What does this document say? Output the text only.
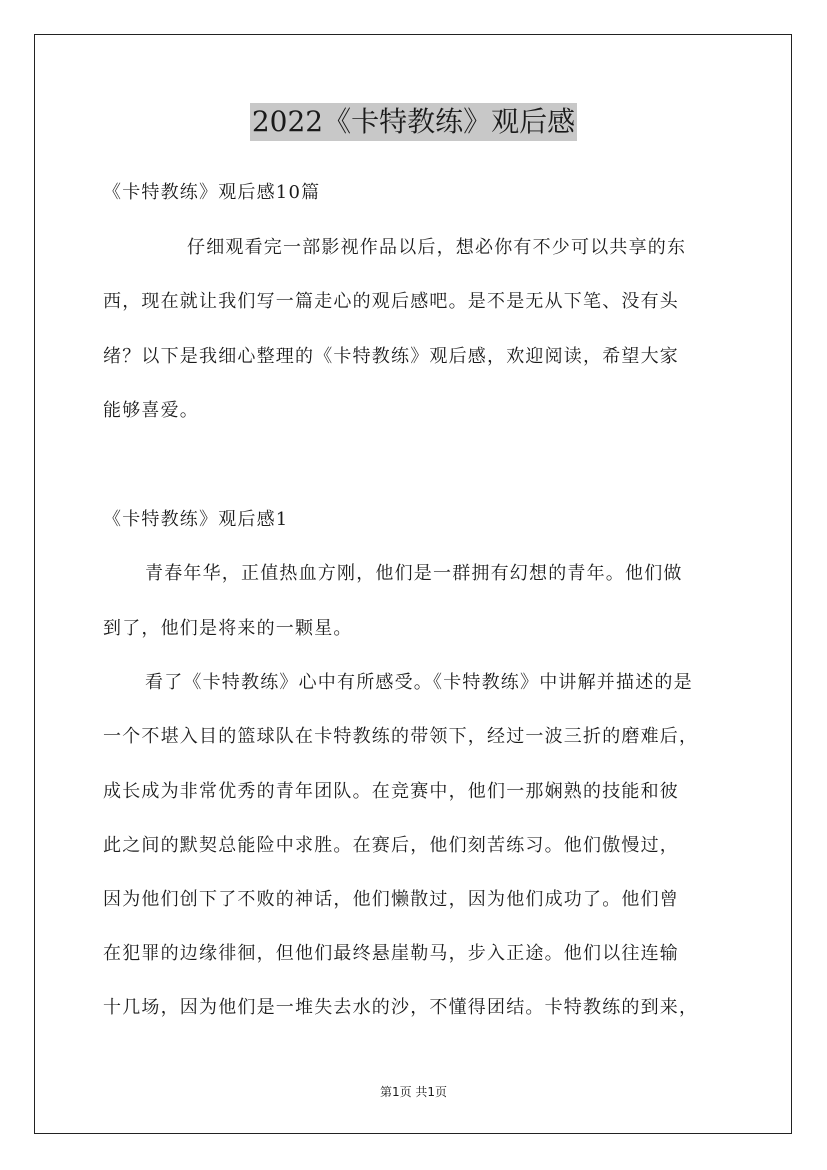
2022《卡特教练》观后感
《卡特教练》观后感10篇
仔细观看完一部影视作品以后，想必你有不少可以共享的东
西，现在就让我们写一篇走心的观后感吧。是不是无从下笔、没有头
绪？以下是我细心整理的《卡特教练》观后感，欢迎阅读，希望大家
能够喜爱。
《卡特教练》观后感1
青春年华，正值热血方刚，他们是一群拥有幻想的青年。他们做
到了，他们是将来的一颗星。
看了《卡特教练》心中有所感受。《卡特教练》中讲解并描述的是
一个不堪入目的篮球队在卡特教练的带领下，经过一波三折的磨难后，
成长成为非常优秀的青年团队。在竞赛中，他们一那娴熟的技能和彼
此之间的默契总能险中求胜。在赛后，他们刻苦练习。他们傲慢过，
因为他们创下了不败的神话，他们懒散过，因为他们成功了。他们曾
在犯罪的边缘徘徊，但他们最终悬崖勒马，步入正途。他们以往连输
十几场，因为他们是一堆失去水的沙，不懂得团结。卡特教练的到来，
第1页 共1页
